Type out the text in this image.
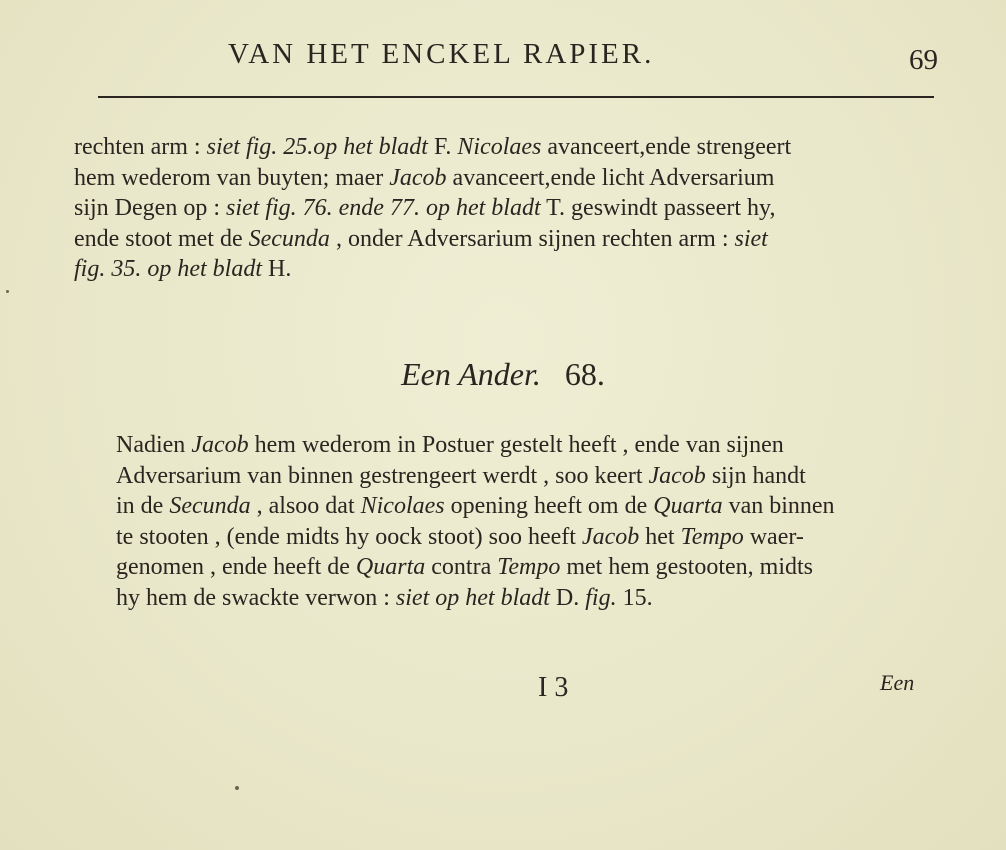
VAN HET ENCKEL RAPIER.	69

rechten arm : siet fig. 25.op het bladt F. Nicolaes avanceert,ende strengeert
hem wederom van buyten; maer Jacob avanceert,ende licht Adversarium
sijn Degen op : siet fig. 76. ende 77. op het bladt T. geswindt passeert hy,
ende stoot met de Secunda , onder Adversarium sijnen rechten arm : siet
fig. 35. op het bladt H.

Een Ander. 68.

Nadien Jacob hem wederom in Postuer gestelt heeft , ende van sijnen
Adversarium van binnen gestrengeert werdt , soo keert Jacob sijn handt
in de Secunda , alsoo dat Nicolaes opening heeft om de Quarta van binnen
te stooten , (ende midts hy oock stoot) soo heeft Jacob het Tempo waer-
genomen , ende heeft de Quarta contra Tempo met hem gestooten, midts
hy hem de swackte verwon : siet op het bladt D. fig. 15.

I 3	Een
